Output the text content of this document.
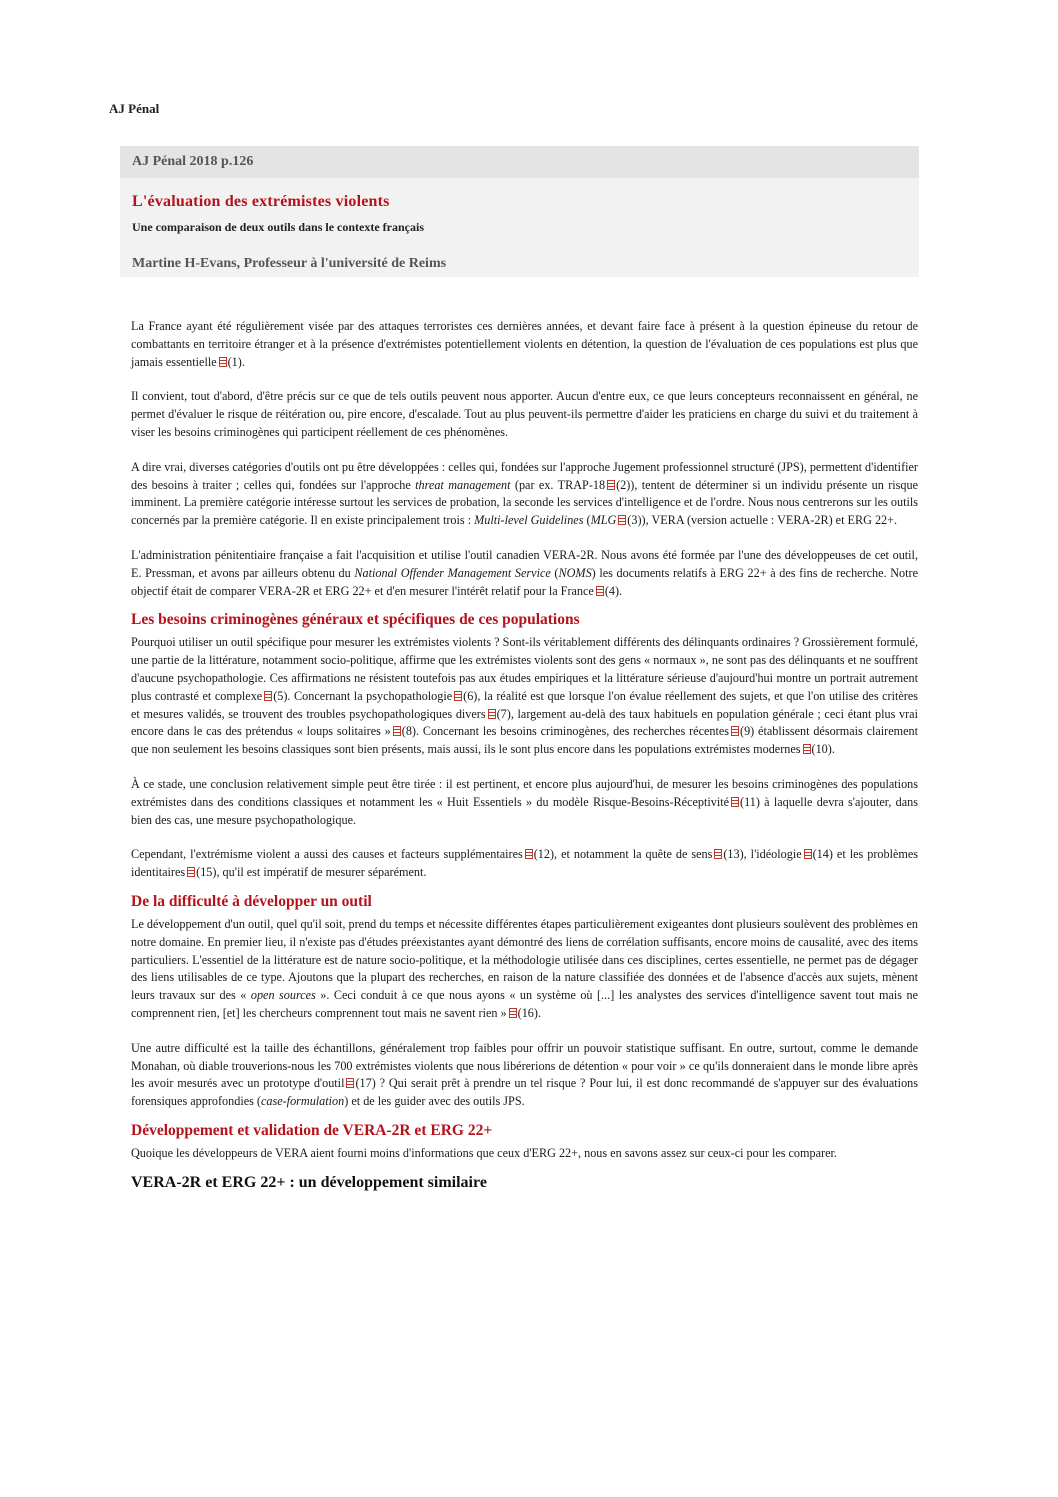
AJ Pénal
AJ Pénal 2018 p.126
L'évaluation des extrémistes violents
Une comparaison de deux outils dans le contexte français
Martine H-Evans, Professeur à l'université de Reims

La France ayant été régulièrement visée par des attaques terroristes ces dernières années, et devant faire face à présent à la question épineuse du retour de combattants en territoire étranger et à la présence d'extrémistes potentiellement violents en détention, la question de l'évaluation de ces populations est plus que jamais essentielle (1).

Il convient, tout d'abord, d'être précis sur ce que de tels outils peuvent nous apporter. Aucun d'entre eux, ce que leurs concepteurs reconnaissent en général, ne permet d'évaluer le risque de réitération ou, pire encore, d'escalade. Tout au plus peuvent-ils permettre d'aider les praticiens en charge du suivi et du traitement à viser les besoins criminogènes qui participent réellement de ces phénomènes.

A dire vrai, diverses catégories d'outils ont pu être développées : celles qui, fondées sur l'approche Jugement professionnel structuré (JPS), permettent d'identifier des besoins à traiter ; celles qui, fondées sur l'approche threat management (par ex. TRAP-18 (2)), tentent de déterminer si un individu présente un risque imminent. La première catégorie intéresse surtout les services de probation, la seconde les services d'intelligence et de l'ordre. Nous nous centrerons sur les outils concernés par la première catégorie. Il en existe principalement trois : Multi-level Guidelines (MLG (3)), VERA (version actuelle : VERA-2R) et ERG 22+.

L'administration pénitentiaire française a fait l'acquisition et utilise l'outil canadien VERA-2R. Nous avons été formée par l'une des développeuses de cet outil, E. Pressman, et avons par ailleurs obtenu du National Offender Management Service (NOMS) les documents relatifs à ERG 22+ à des fins de recherche. Notre objectif était de comparer VERA-2R et ERG 22+ et d'en mesurer l'intérêt relatif pour la France (4).

Les besoins criminogènes généraux et spécifiques de ces populations

Pourquoi utiliser un outil spécifique pour mesurer les extrémistes violents ? Sont-ils véritablement différents des délinquants ordinaires ? Grossièrement formulé, une partie de la littérature, notamment socio-politique, affirme que les extrémistes violents sont des gens « normaux », ne sont pas des délinquants et ne souffrent d'aucune psychopathologie. Ces affirmations ne résistent toutefois pas aux études empiriques et la littérature sérieuse d'aujourd'hui montre un portrait autrement plus contrasté et complexe (5). Concernant la psychopathologie (6), la réalité est que lorsque l'on évalue réellement des sujets, et que l'on utilise des critères et mesures validés, se trouvent des troubles psychopathologiques divers (7), largement au-delà des taux habituels en population générale ; ceci étant plus vrai encore dans le cas des prétendus « loups solitaires » (8). Concernant les besoins criminogènes, des recherches récentes (9) établissent désormais clairement que non seulement les besoins classiques sont bien présents, mais aussi, ils le sont plus encore dans les populations extrémistes modernes (10).

À ce stade, une conclusion relativement simple peut être tirée : il est pertinent, et encore plus aujourd'hui, de mesurer les besoins criminogènes des populations extrémistes dans des conditions classiques et notamment les « Huit Essentiels » du modèle Risque-Besoins-Réceptivité (11) à laquelle devra s'ajouter, dans bien des cas, une mesure psychopathologique.

Cependant, l'extrémisme violent a aussi des causes et facteurs supplémentaires (12), et notamment la quête de sens (13), l'idéologie (14) et les problèmes identitaires (15), qu'il est impératif de mesurer séparément.

De la difficulté à développer un outil

Le développement d'un outil, quel qu'il soit, prend du temps et nécessite différentes étapes particulièrement exigeantes dont plusieurs soulèvent des problèmes en notre domaine. En premier lieu, il n'existe pas d'études préexistantes ayant démontré des liens de corrélation suffisants, encore moins de causalité, avec des items particuliers. L'essentiel de la littérature est de nature socio-politique, et la méthodologie utilisée dans ces disciplines, certes essentielle, ne permet pas de dégager des liens utilisables de ce type. Ajoutons que la plupart des recherches, en raison de la nature classifiée des données et de l'absence d'accès aux sujets, mènent leurs travaux sur des « open sources ». Ceci conduit à ce que nous ayons « un système où [...] les analystes des services d'intelligence savent tout mais ne comprennent rien, [et] les chercheurs comprennent tout mais ne savent rien » (16).

Une autre difficulté est la taille des échantillons, généralement trop faibles pour offrir un pouvoir statistique suffisant. En outre, surtout, comme le demande Monahan, où diable trouverions-nous les 700 extrémistes violents que nous libérerions de détention « pour voir » ce qu'ils donneraient dans le monde libre après les avoir mesurés avec un prototype d'outil (17) ? Qui serait prêt à prendre un tel risque ? Pour lui, il est donc recommandé de s'appuyer sur des évaluations forensiques approfondies (case-formulation) et de les guider avec des outils JPS.

Développement et validation de VERA-2R et ERG 22+

Quoique les développeurs de VERA aient fourni moins d'informations que ceux d'ERG 22+, nous en savons assez sur ceux-ci pour les comparer.

VERA-2R et ERG 22+ : un développement similaire
